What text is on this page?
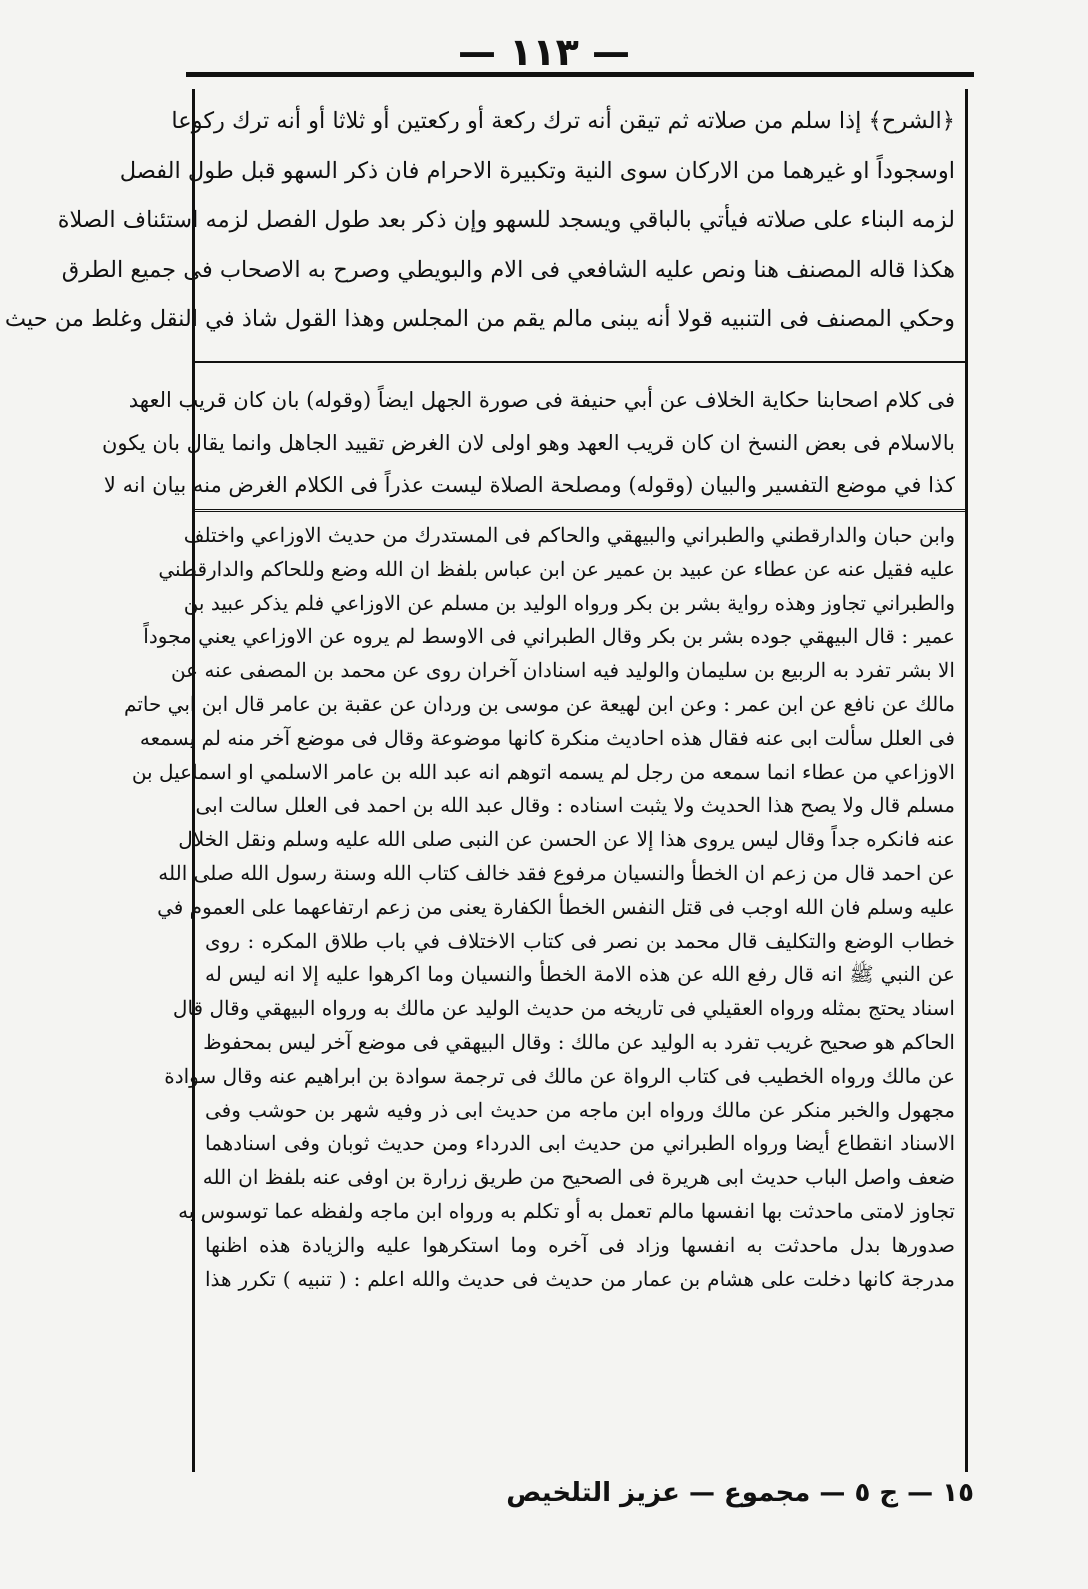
— ١١٣ —

﴿الشرح﴾ إذا سلم من صلاته ثم تيقن أنه ترك ركعة أو ركعتين أو ثلاثا أو أنه ترك ركوعا
اوسجوداً او غيرهما من الاركان سوى النية وتكبيرة الاحرام فان ذكر السهو قبل طول الفصل
لزمه البناء على صلاته فيأتي بالباقي ويسجد للسهو وإن ذكر بعد طول الفصل لزمه استئناف الصلاة
هكذا قاله المصنف هنا ونص عليه الشافعي فى الام والبويطي وصرح به الاصحاب فى جميع الطرق
وحكي المصنف فى التنبيه قولا أنه يبنى مالم يقم من المجلس وهذا القول شاذ في النقل وغلط من حيث

فى كلام اصحابنا حكاية الخلاف عن أبي حنيفة فى صورة الجهل ايضاً (وقوله) بان كان قريب العهد
بالاسلام فى بعض النسخ ان كان قريب العهد وهو اولى لان الغرض تقييد الجاهل وانما يقال بان يكون
كذا في موضع التفسير والبيان (وقوله) ومصلحة الصلاة ليست عذراً فى الكلام الغرض منه بيان انه لا

وابن حبان والدارقطني والطبراني والبيهقي والحاكم فى المستدرك من حديث الاوزاعي واختلف
عليه فقيل عنه عن عطاء عن عبيد بن عمير عن ابن عباس بلفظ ان الله وضع وللحاكم والدارقطني
والطبراني تجاوز وهذه رواية بشر بن بكر ورواه الوليد بن مسلم عن الاوزاعي فلم يذكر عبيد بن
عمير : قال البيهقي جوده بشر بن بكر وقال الطبراني فى الاوسط لم يروه عن الاوزاعي يعني مجوداً
الا بشر تفرد به الربيع بن سليمان والوليد فيه اسنادان آخران روى عن محمد بن المصفى عنه عن
مالك عن نافع عن ابن عمر : وعن ابن لهيعة عن موسى بن وردان عن عقبة بن عامر قال ابن ابي حاتم
فى العلل سألت ابى عنه فقال هذه احاديث منكرة كانها موضوعة وقال فى موضع آخر منه لم يسمعه
الاوزاعي من عطاء انما سمعه من رجل لم يسمه اتوهم انه عبد الله بن عامر الاسلمي او اسماعيل بن
مسلم قال ولا يصح هذا الحديث ولا يثبت اسناده : وقال عبد الله بن احمد فى العلل سالت ابى
عنه فانكره جداً وقال ليس يروى هذا إلا عن الحسن عن النبى صلى الله عليه وسلم ونقل الخلال
عن احمد قال من زعم ان الخطأ والنسيان مرفوع فقد خالف كتاب الله وسنة رسول الله صلى الله
عليه وسلم فان الله اوجب فى قتل النفس الخطأ الكفارة يعنى من زعم ارتفاعهما على العموم في
خطاب الوضع والتكليف قال محمد بن نصر فى كتاب الاختلاف في باب طلاق المكره : روى
عن النبي ﷺ انه قال رفع الله عن هذه الامة الخطأ والنسيان وما اكرهوا عليه إلا انه ليس له
اسناد يحتج بمثله ورواه العقيلي فى تاريخه من حديث الوليد عن مالك به ورواه البيهقي وقال قال
الحاكم هو صحيح غريب تفرد به الوليد عن مالك : وقال البيهقي فى موضع آخر ليس بمحفوظ
عن مالك ورواه الخطيب فى كتاب الرواة عن مالك فى ترجمة سوادة بن ابراهيم عنه وقال سوادة
مجهول والخبر منكر عن مالك ورواه ابن ماجه من حديث ابى ذر وفيه شهر بن حوشب وفى
الاسناد انقطاع أيضا ورواه الطبراني من حديث ابى الدرداء ومن حديث ثوبان وفى اسنادهما
ضعف واصل الباب حديث ابى هريرة فى الصحيح من طريق زرارة بن اوفى عنه بلفظ ان الله
تجاوز لامتى ماحدثت بها انفسها مالم تعمل به أو تكلم به ورواه ابن ماجه ولفظه عما توسوس به
صدورها بدل ماحدثت به انفسها وزاد فى آخره وما استكرهوا عليه والزيادة هذه اظنها
مدرجة كانها دخلت على هشام بن عمار من حديث فى حديث والله اعلم : ( تنبيه ) تكرر هذا

١٥ — ج ٥ — مجموع — عزيز التلخيص
